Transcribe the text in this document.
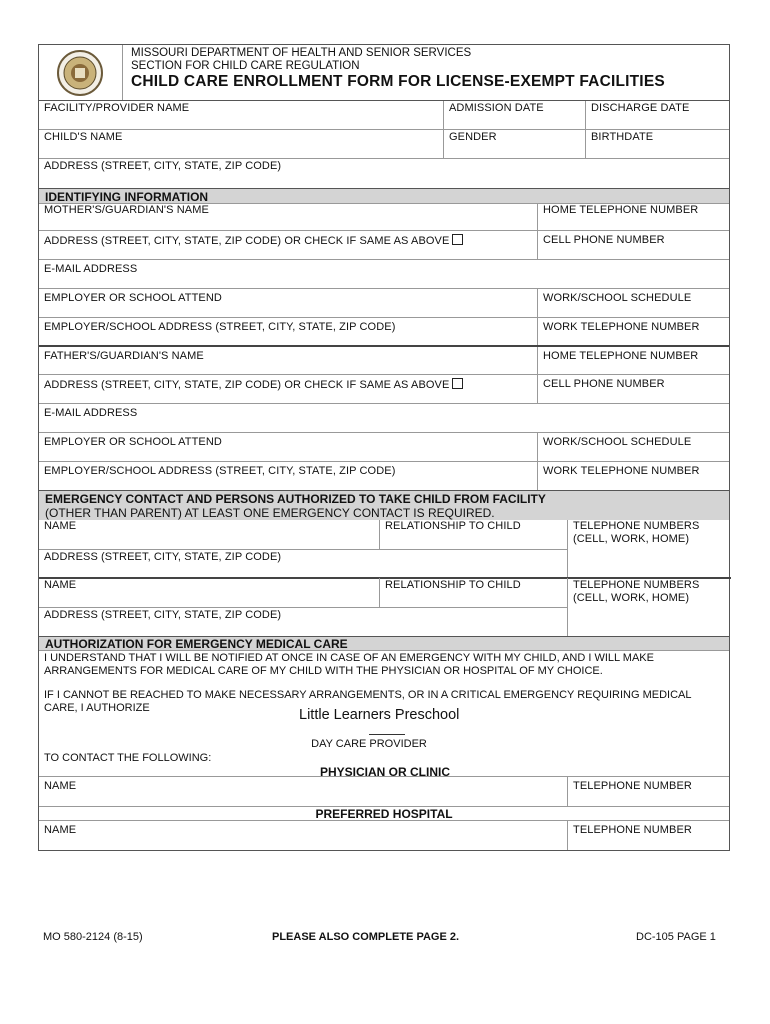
MISSOURI DEPARTMENT OF HEALTH AND SENIOR SERVICES
SECTION FOR CHILD CARE REGULATION
CHILD CARE ENROLLMENT FORM FOR LICENSE-EXEMPT FACILITIES
FACILITY/PROVIDER NAME	ADMISSION DATE	DISCHARGE DATE
CHILD'S NAME	GENDER	BIRTHDATE
ADDRESS (STREET, CITY, STATE, ZIP CODE)
IDENTIFYING INFORMATION
MOTHER'S/GUARDIAN'S NAME	HOME TELEPHONE NUMBER
ADDRESS (STREET, CITY, STATE, ZIP CODE) OR CHECK IF SAME AS ABOVE	CELL PHONE NUMBER
E-MAIL ADDRESS
EMPLOYER OR SCHOOL ATTEND	WORK/SCHOOL SCHEDULE
EMPLOYER/SCHOOL ADDRESS (STREET, CITY, STATE, ZIP CODE)	WORK TELEPHONE NUMBER
FATHER'S/GUARDIAN'S NAME	HOME TELEPHONE NUMBER
ADDRESS (STREET, CITY, STATE, ZIP CODE) OR CHECK IF SAME AS ABOVE	CELL PHONE NUMBER
E-MAIL ADDRESS
EMPLOYER OR SCHOOL ATTEND	WORK/SCHOOL SCHEDULE
EMPLOYER/SCHOOL ADDRESS (STREET, CITY, STATE, ZIP CODE)	WORK TELEPHONE NUMBER
EMERGENCY CONTACT AND PERSONS AUTHORIZED TO TAKE CHILD FROM FACILITY
(OTHER THAN PARENT) AT LEAST ONE EMERGENCY CONTACT IS REQUIRED.
NAME	RELATIONSHIP TO CHILD	TELEPHONE NUMBERS
(CELL, WORK, HOME)
ADDRESS (STREET, CITY, STATE, ZIP CODE)
NAME	RELATIONSHIP TO CHILD	TELEPHONE NUMBERS
(CELL, WORK, HOME)
ADDRESS (STREET, CITY, STATE, ZIP CODE)
AUTHORIZATION FOR EMERGENCY MEDICAL CARE
I UNDERSTAND THAT I WILL BE NOTIFIED AT ONCE IN CASE OF AN EMERGENCY WITH MY CHILD, AND I WILL MAKE
ARRANGEMENTS FOR MEDICAL CARE OF MY CHILD WITH THE PHYSICIAN OR HOSPITAL OF MY CHOICE.
IF I CANNOT BE REACHED TO MAKE NECESSARY ARRANGEMENTS, OR IN A CRITICAL EMERGENCY REQUIRING MEDICAL
CARE, I AUTHORIZE	Little Learners Preschool
DAY CARE PROVIDER
TO CONTACT THE FOLLOWING:
PHYSICIAN OR CLINIC
NAME	TELEPHONE NUMBER
PREFERRED HOSPITAL
NAME	TELEPHONE NUMBER
MO 580-2124 (8-15)	PLEASE ALSO COMPLETE PAGE 2.	DC-105 PAGE 1
